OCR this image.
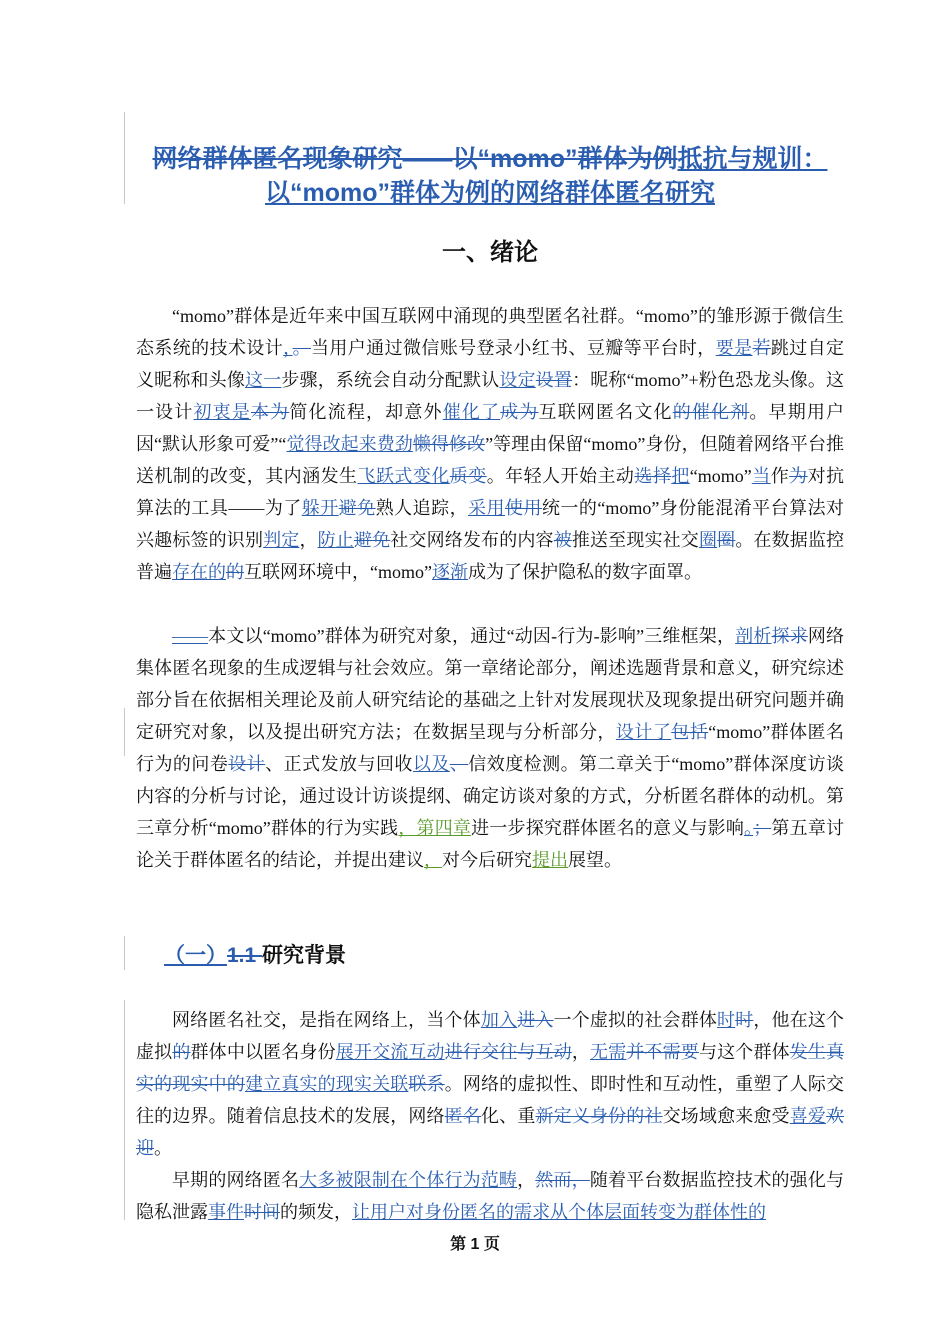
网络群体匿名现象研究——以“momo”群体为例抵抗与规训：以“momo”群体为例的网络群体匿名研究
一、绪论
“momo”群体是近年来中国互联网中涌现的典型匿名社群。“momo”的雏形源于微信生态系统的技术设计，。当用户通过微信账号登录小红书、豆瓣等平台时，要是若跳过自定义昵称和头像这一步骤，系统会自动分配默认设定设置：昵称“momo”+粉色恐龙头像。这一设计初衷是本为简化流程，却意外催化了成为互联网匿名文化的催化剂。早期用户因“默认形象可爱”“觉得改起来费劲懒得修改”等理由保留“momo”身份，但随着网络平台推送机制的改变，其内涵发生飞跃式变化质变。年轻人开始主动选择把“momo”当作为对抗算法的工具——为了躲开避免熟人追踪，采用使用统一的“momo”身份能混淆平台算法对兴趣标签的识别判定，防止避免社交网络发布的内容被推送至现实社交圈圈。在数据监控普遍存在的的互联网环境中，“momo”逐渐成为了保护隐私的数字面罩。
——本文以“momo”群体为研究对象，通过“动因-行为-影响”三维框架，剖析探求网络集体匿名现象的生成逻辑与社会效应。第一章绪论部分，阐述选题背景和意义，研究综述部分旨在依据相关理论及前人研究结论的基础之上针对发展现状及现象提出研究问题并确定研究对象，以及提出研究方法；在数据呈现与分析部分，设计了包括“momo”群体匿名行为的问卷设计、正式发放与回收以及、信效度检测。第二章关于“momo”群体深度访谈内容的分析与讨论，通过设计访谈提纲、确定访谈对象的方式，分析匿名群体的动机。第三章分析“momo”群体的行为实践，第四章进一步探究群体匿名的意义与影响。；第五章讨论关于群体匿名的结论，并提出建议，对今后研究提出展望。
（一）1.1 研究背景
网络匿名社交，是指在网络上，当个体加入进入一个虚拟的社会群体时时，他在这个虚拟的群体中以匿名身份展开交流互动进行交往与互动，无需并不需要与这个群体发生真实的现实中的建立真实的现实关联联系。网络的虚拟性、即时性和互动性，重塑了人际交往的边界。随着信息技术的发展，网络匿名化、重新定义身份的社交场域愈来愈受喜爱欢迎。
早期的网络匿名大多被限制在个体行为范畴，然而，随着平台数据监控技术的强化与隐私泄露事件时间的频发，让用户对身份匿名的需求从个体层面转变为群体性的
第 1 页
